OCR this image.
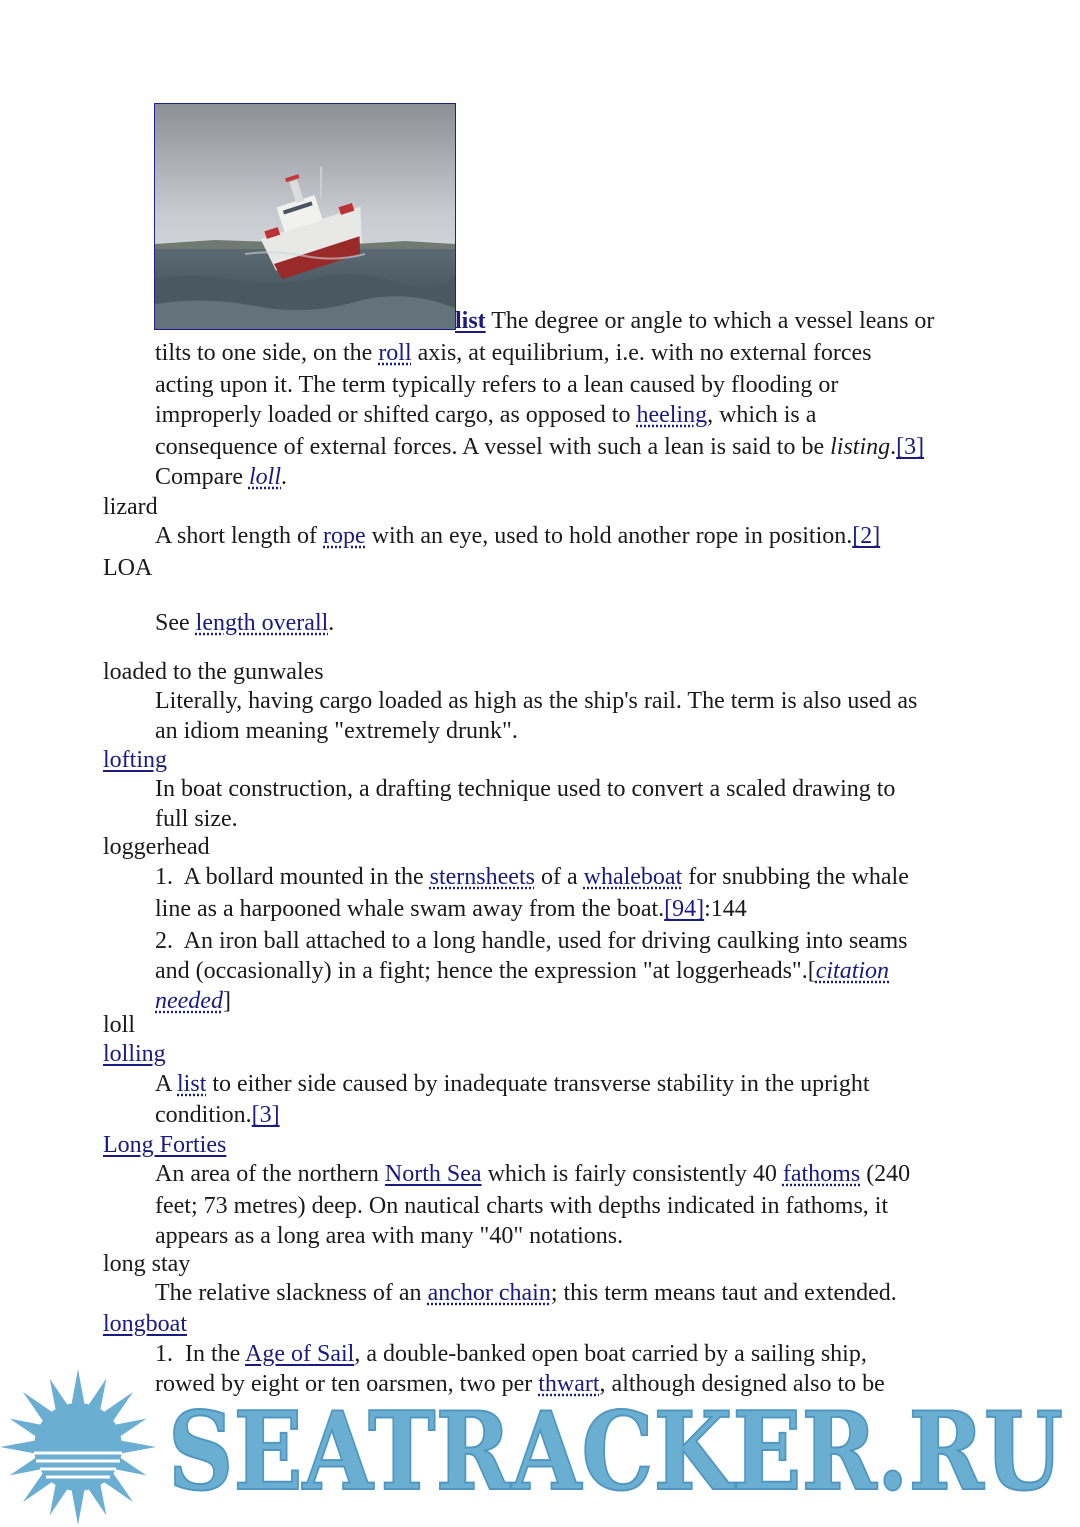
list The degree or angle to which a vessel leans or
tilts to one side, on the roll axis, at equilibrium, i.e. with no external forces
acting upon it. The term typically refers to a lean caused by flooding or
improperly loaded or shifted cargo, as opposed to heeling, which is a
consequence of external forces. A vessel with such a lean is said to be listing.[3]
Compare loll.
lizard
A short length of rope with an eye, used to hold another rope in position.[2]
LOA
See length overall.
loaded to the gunwales
Literally, having cargo loaded as high as the ship's rail. The term is also used as
an idiom meaning "extremely drunk".
lofting
In boat construction, a drafting technique used to convert a scaled drawing to
full size.
loggerhead
1.  A bollard mounted in the sternsheets of a whaleboat for snubbing the whale
line as a harpooned whale swam away from the boat.[94]:144
2.  An iron ball attached to a long handle, used for driving caulking into seams
and (occasionally) in a fight; hence the expression "at loggerheads".[citation
needed]
loll
lolling
A list to either side caused by inadequate transverse stability in the upright
condition.[3]
Long Forties
An area of the northern North Sea which is fairly consistently 40 fathoms (240
feet; 73 metres) deep. On nautical charts with depths indicated in fathoms, it
appears as a long area with many "40" notations.
long stay
The relative slackness of an anchor chain; this term means taut and extended.
longboat
1.  In the Age of Sail, a double-banked open boat carried by a sailing ship,
rowed by eight or ten oarsmen, two per thwart, although designed also to be
SEATRACKER.RU
